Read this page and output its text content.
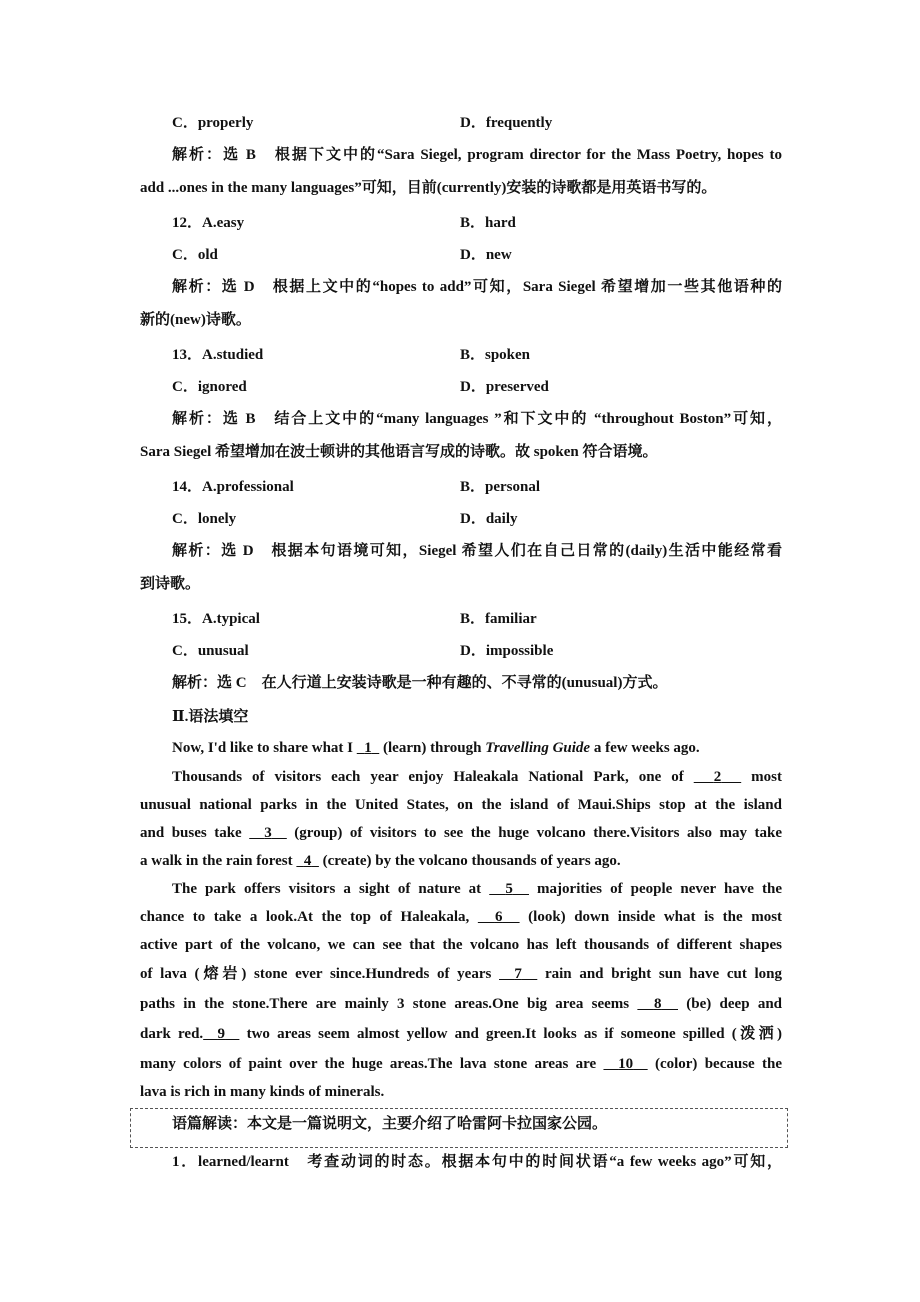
C．properly	D．frequently
解析：选 B　根据下文中的“Sara Siegel, program director for the Mass Poetry, hopes to
add ...ones in the many languages”可知，目前(currently)安装的诗歌都是用英语书写的。
12．A.easy	B．hard
C．old	D．new
解析：选 D　根据上文中的“hopes to add”可知，Sara Siegel 希望增加一些其他语种的
新的(new)诗歌。
13．A.studied	B．spoken
C．ignored	D．preserved
解析：选 B　结合上文中的“many languages ”和下文中的 “throughout Boston”可知，
Sara Siegel 希望增加在波士顿讲的其他语言写成的诗歌。故 spoken 符合语境。
14．A.professional	B．personal
C．lonely	D．daily
解析：选 D　根据本句语境可知，Siegel 希望人们在自己日常的(daily)生活中能经常看
到诗歌。
15．A.typical	B．familiar
C．unusual	D．impossible
解析：选 C　在人行道上安装诗歌是一种有趣的、不寻常的(unusual)方式。
Ⅱ.语法填空
Now, I'd like to share what I   1   (learn) through Travelling Guide a few weeks ago.
Thousands of visitors each year enjoy Haleakala National Park, one of   2   most
unusual national parks in the United States, on the island of Maui.Ships stop at the island
and buses take   3   (group) of visitors to see the huge volcano there.Visitors also may take
a walk in the rain forest   4   (create) by the volcano thousands of years ago.
The park offers visitors a sight of nature at   5   majorities of people never have the
chance to take a look.At the top of Haleakala,   6   (look) down inside what is the most
active part of the volcano, we can see that the volcano has left thousands of different shapes
of lava (熔岩) stone ever since.Hundreds of years   7   rain and bright sun have cut long
paths in the stone.There are mainly 3 stone areas.One big area seems   8   (be) deep and
dark red. 9   two areas seem almost yellow and green.It looks as if someone spilled (泼洒)
many colors of paint over the huge areas.The lava stone areas are   10   (color) because the
lava is rich in many kinds of minerals.
语篇解读：本文是一篇说明文，主要介绍了哈雷阿卡拉国家公园。
1．learned/learnt　考查动词的时态。根据本句中的时间状语“a few weeks ago”可知，
